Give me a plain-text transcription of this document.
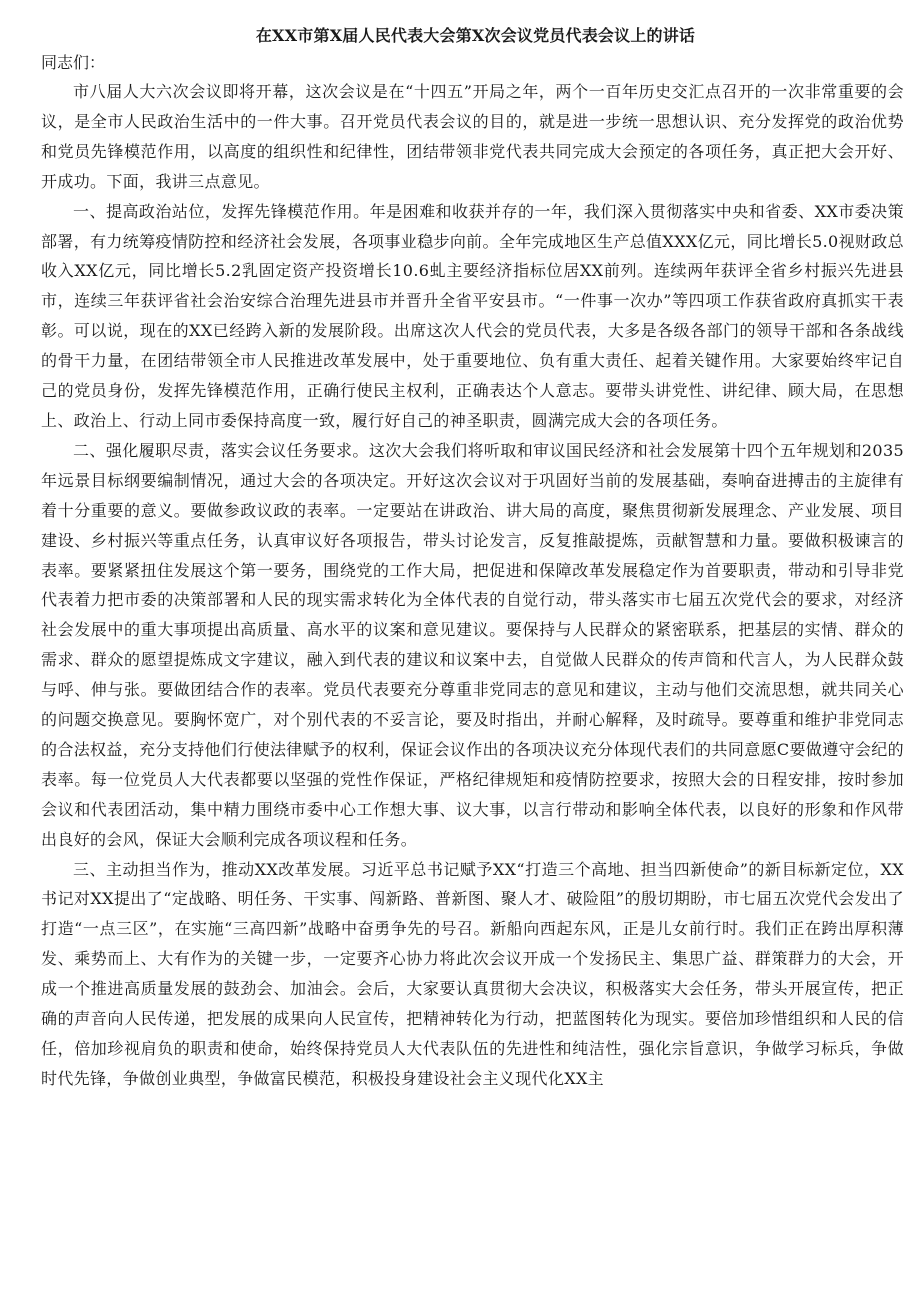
在XX市第X届人民代表大会第X次会议党员代表会议上的讲话

同志们：

市八届人大六次会议即将开幕，这次会议是在“十四五”开局之年，两个一百年历史交汇点召开的一次非常重要的会议，是全市人民政治生活中的一件大事。召开党员代表会议的目的，就是进一步统一思想认识、充分发挥党的政治优势和党员先锋模范作用，以高度的组织性和纪律性，团结带领非党代表共同完成大会预定的各项任务，真正把大会开好、开成功。下面，我讲三点意见。

一、提高政治站位，发挥先锋模范作用。年是困难和收获并存的一年，我们深入贯彻落实中央和省委、XX市委决策部署，有力统筹疫情防控和经济社会发展，各项事业稳步向前。全年完成地区生产总值XXX亿元，同比增长5.0视财政总收入XX亿元，同比增长5.2乳固定资产投资增长10.6虬主要经济指标位居XX前列。连续两年获评全省乡村振兴先进县市，连续三年获评省社会治安综合治理先进县市并晋升全省平安县市。“一件事一次办”等四项工作获省政府真抓实干表彰。可以说，现在的XX已经跨入新的发展阶段。出席这次人代会的党员代表，大多是各级各部门的领导干部和各条战线的骨干力量，在团结带领全市人民推进改革发展中，处于重要地位、负有重大责任、起着关键作用。大家要始终牢记自己的党员身份，发挥先锋模范作用，正确行使民主权利，正确表达个人意志。要带头讲党性、讲纪律、顾大局，在思想上、政治上、行动上同市委保持高度一致，履行好自己的神圣职责，圆满完成大会的各项任务。

二、强化履职尽责，落实会议任务要求。这次大会我们将听取和审议国民经济和社会发展第十四个五年规划和2035年远景目标纲要编制情况，通过大会的各项决定。开好这次会议对于巩固好当前的发展基础，奏响奋进搏击的主旋律有着十分重要的意义。要做参政议政的表率。一定要站在讲政治、讲大局的高度，聚焦贯彻新发展理念、产业发展、项目建设、乡村振兴等重点任务，认真审议好各项报告，带头讨论发言，反复推敲提炼，贡献智慧和力量。要做积极谏言的表率。要紧紧扭住发展这个第一要务，围绕党的工作大局，把促进和保障改革发展稳定作为首要职责，带动和引导非党代表着力把市委的决策部署和人民的现实需求转化为全体代表的自觉行动，带头落实市七届五次党代会的要求，对经济社会发展中的重大事项提出高质量、高水平的议案和意见建议。要保持与人民群众的紧密联系，把基层的实情、群众的需求、群众的愿望提炼成文字建议，融入到代表的建议和议案中去，自觉做人民群众的传声筒和代言人，为人民群众鼓与呼、伸与张。要做团结合作的表率。党员代表要充分尊重非党同志的意见和建议，主动与他们交流思想，就共同关心的问题交换意见。要胸怀宽广，对个别代表的不妥言论，要及时指出，并耐心解释，及时疏导。要尊重和维护非党同志的合法权益，充分支持他们行使法律赋予的权利，保证会议作出的各项决议充分体现代表们的共同意愿C要做遵守会纪的表率。每一位党员人大代表都要以坚强的党性作保证，严格纪律规矩和疫情防控要求，按照大会的日程安排，按时参加会议和代表团活动，集中精力围绕市委中心工作想大事、议大事，以言行带动和影响全体代表，以良好的形象和作风带出良好的会风，保证大会顺利完成各项议程和任务。

三、主动担当作为，推动XX改革发展。习近平总书记赋予XX“打造三个高地、担当四新使命”的新目标新定位，XX书记对XX提出了“定战略、明任务、干实事、闯新路、普新图、聚人才、破险阻”的殷切期盼，市七届五次党代会发出了打造“一点三区”，在实施“三高四新”战略中奋勇争先的号召。新船向西起东风，正是儿女前行时。我们正在跨出厚积薄发、乘势而上、大有作为的关键一步，一定要齐心协力将此次会议开成一个发扬民主、集思广益、群策群力的大会，开成一个推进高质量发展的鼓劲会、加油会。会后，大家要认真贯彻大会决议，积极落实大会任务，带头开展宣传，把正确的声音向人民传递，把发展的成果向人民宣传，把精神转化为行动，把蓝图转化为现实。要倍加珍惜组织和人民的信任，倍加珍视肩负的职责和使命，始终保持党员人大代表队伍的先进性和纯洁性，强化宗旨意识，争做学习标兵，争做时代先锋，争做创业典型，争做富民模范，积极投身建设社会主义现代化XX主
